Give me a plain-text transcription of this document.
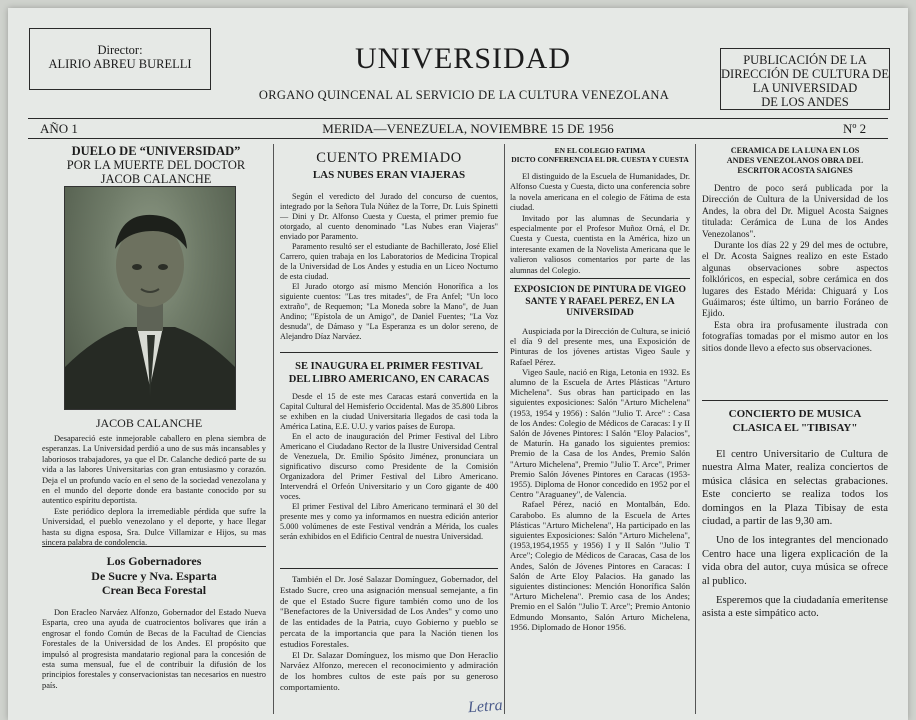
Director:
ALIRIO ABREU BURELLI	UNIVERSIDAD
ORGANO QUINCENAL AL SERVICIO DE LA CULTURA VENEZOLANA
PUBLICACIÓN DE LA
DIRECCIÓN DE CULTURA DE
LA UNIVERSIDAD
DE LOS ANDES
AÑO 1	MERIDA—VENEZUELA, NOVIEMBRE 15 DE 1956	Nº 2
DUELO DE “UNIVERSIDAD”
POR LA MUERTE DEL DOCTOR
JACOB CALANCHE
JACOB CALANCHE

Desapareció este inmejorable caballero en plena siembra de esperanzas. La Universidad perdió a uno de sus más incansables y laboriosos trabajadores, ya que el Dr. Calanche dedicó parte de su vida a las labores Universitarias con gran entusiasmo y corazón. Deja el un profundo vacío en el seno de la sociedad venezolana y en el mundo del deporte donde era bastante conocido por su autentico espíritu deportista.

Este periódico deplora la irremediable pérdida que sufre la Universidad, el pueblo venezolano y el deporte, y hace llegar hasta su digna esposa, Sra. Dulce Villamizar e Hijos, su mas sincera palabra de condolencia.

Los Gobernadores
De Sucre y Nva. Esparta
Crean Beca Forestal

Don Eracleo Narváez Alfonzo, Gobernador del Estado Nueva Esparta, creo una ayuda de cuatrocientos bolívares que irán a engrosar el fondo Común de Becas de la Facultad de Ciencias Forestales de la Universidad de los Andes. El propósito que impulsó al progresista mandatario regional para la concesión de esta suma mensual, fue el de contribuir la difusión de los principios forestales y conservacionistas tan necesarios en nuestro país.

CUENTO PREMIADO
LAS NUBES ERAN VIAJERAS

Según el veredicto del Jurado del concurso de cuentos, integrado por la Señora Tula Núñez de la Torre, Dr. Luis Spinetti — Dini y Dr. Alfonso Cuesta y Cuesta, el primer premio fue otorgado, al cuento denominado "Las Nubes eran Viajeras" enviado por Paramento.

Paramento resultó ser el estudiante de Bachillerato, José Eliel Carrero, quien trabaja en los Laboratorios de Medicina Tropical de la Universidad de Los Andes y estudia en un Liceo Nocturno de esta ciudad.

El Jurado otorgo así mismo Mención Honorífica a los siguiente cuentos: "Las tres mitades", de Fra Anfel; "Un loco extraño", de Requemon; "La Moneda sobre la Mano", de Juan Andino; "Epístola de un Amigo", de Daniel Fuentes; "La Voz desnuda", de Dámaso y "La Esperanza es un dolor sereno, de Alejandro Díaz Narváez.

SE INAUGURA EL PRIMER FESTIVAL
DEL LIBRO AMERICANO, EN CARACAS

Desde el 15 de este mes Caracas estará convertida en la Capital Cultural del Hemisferio Occidental. Mas de 35.800 Libros se exhiben en la ciudad Universitaria llegados de casi toda la América Latina, E.E. U.U. y varios países de Europa.

En el acto de inauguración del Primer Festival del Libro Americano el Ciudadano Rector de la Ilustre Universidad Central de Venezuela, Dr. Emilio Spósito Jiménez, pronunciara un significativo discurso como Presidente de la Comisión Organizadora del Primer Festival del Libro Americano. Intervendrá el Orfeón Universitario y un Coro gigante de 400 voces.

El primer Festival del Libro Americano terminará el 30 del presente mes y como ya informamos en nuestra edición anterior 5.000 volúmenes de este Festival vendrán a Mérida, los cuales serán exhibidos en el Edificio Central de nuestra Universidad.

También el Dr. José Salazar Domínguez, Gobernador, del Estado Sucre, creo una asignación mensual semejante, a fin de que el Estado Sucre figure también como uno de los "Benefactores de la Universidad de Los Andes" y como uno de las entidades de la Patria, cuyo Gobierno y pueblo se percata de la importancia que para la Nación tienen los estudios Forestales.

El Dr. Salazar Domínguez, los mismo que Don Heraclio Narváez Alfonzo, merecen el reconocimiento y admiración de los hombres cultos de este país por su generoso comportamiento.

EN EL COLEGIO FATIMA
DICTO CONFERENCIA EL DR. CUESTA Y CUESTA

El distinguido de la Escuela de Humanidades, Dr. Alfonso Cuesta y Cuesta, dicto una conferencia sobre la novela americana en el colegio de Fátima de esta ciudad.

Invitado por las alumnas de Secundaria y especialmente por el Profesor Muñoz Orná, el Dr. Cuesta y Cuesta, cuentista en la América, hizo un interesante examen de la Novelista Americana que le valieron valiosos comentarios por parte de las alumnas del Colegio.

EXPOSICION DE PINTURA DE VIGEO
SANTE Y RAFAEL PEREZ, EN LA
UNIVERSIDAD

Auspiciada por la Dirección de Cultura, se inició el día 9 del presente mes, una Exposición de Pinturas de los jóvenes artistas Vigeo Saule y Rafael Pérez.

Vigeo Saule, nació en Riga, Letonia en 1932. Es alumno de la Escuela de Artes Plásticas "Arturo Michelena". Sus obras han participado en las siguientes exposiciones: Salón "Arturo Michelena" (1953, 1954 y 1956) : Salón "Julio T. Arce" : Casa de los Andes: Colegio de Médicos de Caracas: I y II Salón de Jóvenes Pintores: I Salón "Eloy Palacios", de Maturín. Ha ganado los siguientes premios: Premio de la Casa de los Andes, Premio Salón "Arturo Michelena", Premio "Julio T. Arce", Primer Premio Salón Jóvenes Pintores en Caracas (1953-1955). Diploma de Honor concedido en 1952 por el Centro "Araguaney", de Valencia.

Rafael Pérez, nació en Montalbán, Edo. Carabobo. Es alumno de la Escuela de Artes Plásticas "Arturo Michelena", Ha participado en las siguientes Exposiciones: Salón "Arturo Michelena", (1953,1954,1955 y 1956) I y II Salón "Julio T Arce"; Colegio de Médicos de Caracas, Casa de los Andes, Salón de Jóvenes Pintores en Caracas: I Salón de Arte Eloy Palacios. Ha ganado las siguientes distinciones: Mención Honorífica Salón "Arturo Michelena". Premio casa de los Andes; Premio en el Salón "Julio T. Arce"; Premio Antonio Edmundo Monsanto, Salón Arturo Michelena, 1956. Diplomado de Honor 1956.

CERAMICA DE LA LUNA EN LOS
ANDES VENEZOLANOS OBRA DEL
ESCRITOR ACOSTA SAIGNES

Dentro de poco será publicada por la Dirección de Cultura de la Universidad de los Andes, la obra del Dr. Miguel Acosta Saignes titulada: Cerámica de Luna de los Andes Venezolanos".

Durante los días 22 y 29 del mes de octubre, el Dr. Acosta Saignes realizo en este Estado algunas observaciones sobre aspectos folklóricos, en especial, sobre cerámica en dos lugares des Estado Mérida: Chiguará y Los Guáimaros; éste último, un barrio Foráneo de Ejido.

Esta obra ira profusamente ilustrada con fotografías tomadas por el mismo autor en los sitios donde llevo a efecto sus observaciones.

CONCIERTO DE MUSICA
CLASICA EL "TIBISAY"

El centro Universitario de Cultura de nuestra Alma Mater, realiza conciertos de música clásica en selectas grabaciones. Este concierto se realiza todos los domingos en la Plaza Tibisay de esta ciudad, a partir de las 9,30 am.

Uno de los integrantes del mencionado Centro hace una ligera explicación de la vida obra del autor, cuya música se ofrece al publico.

Esperemos que la ciudadanía emeritense asista a este simpático acto.

Letra
